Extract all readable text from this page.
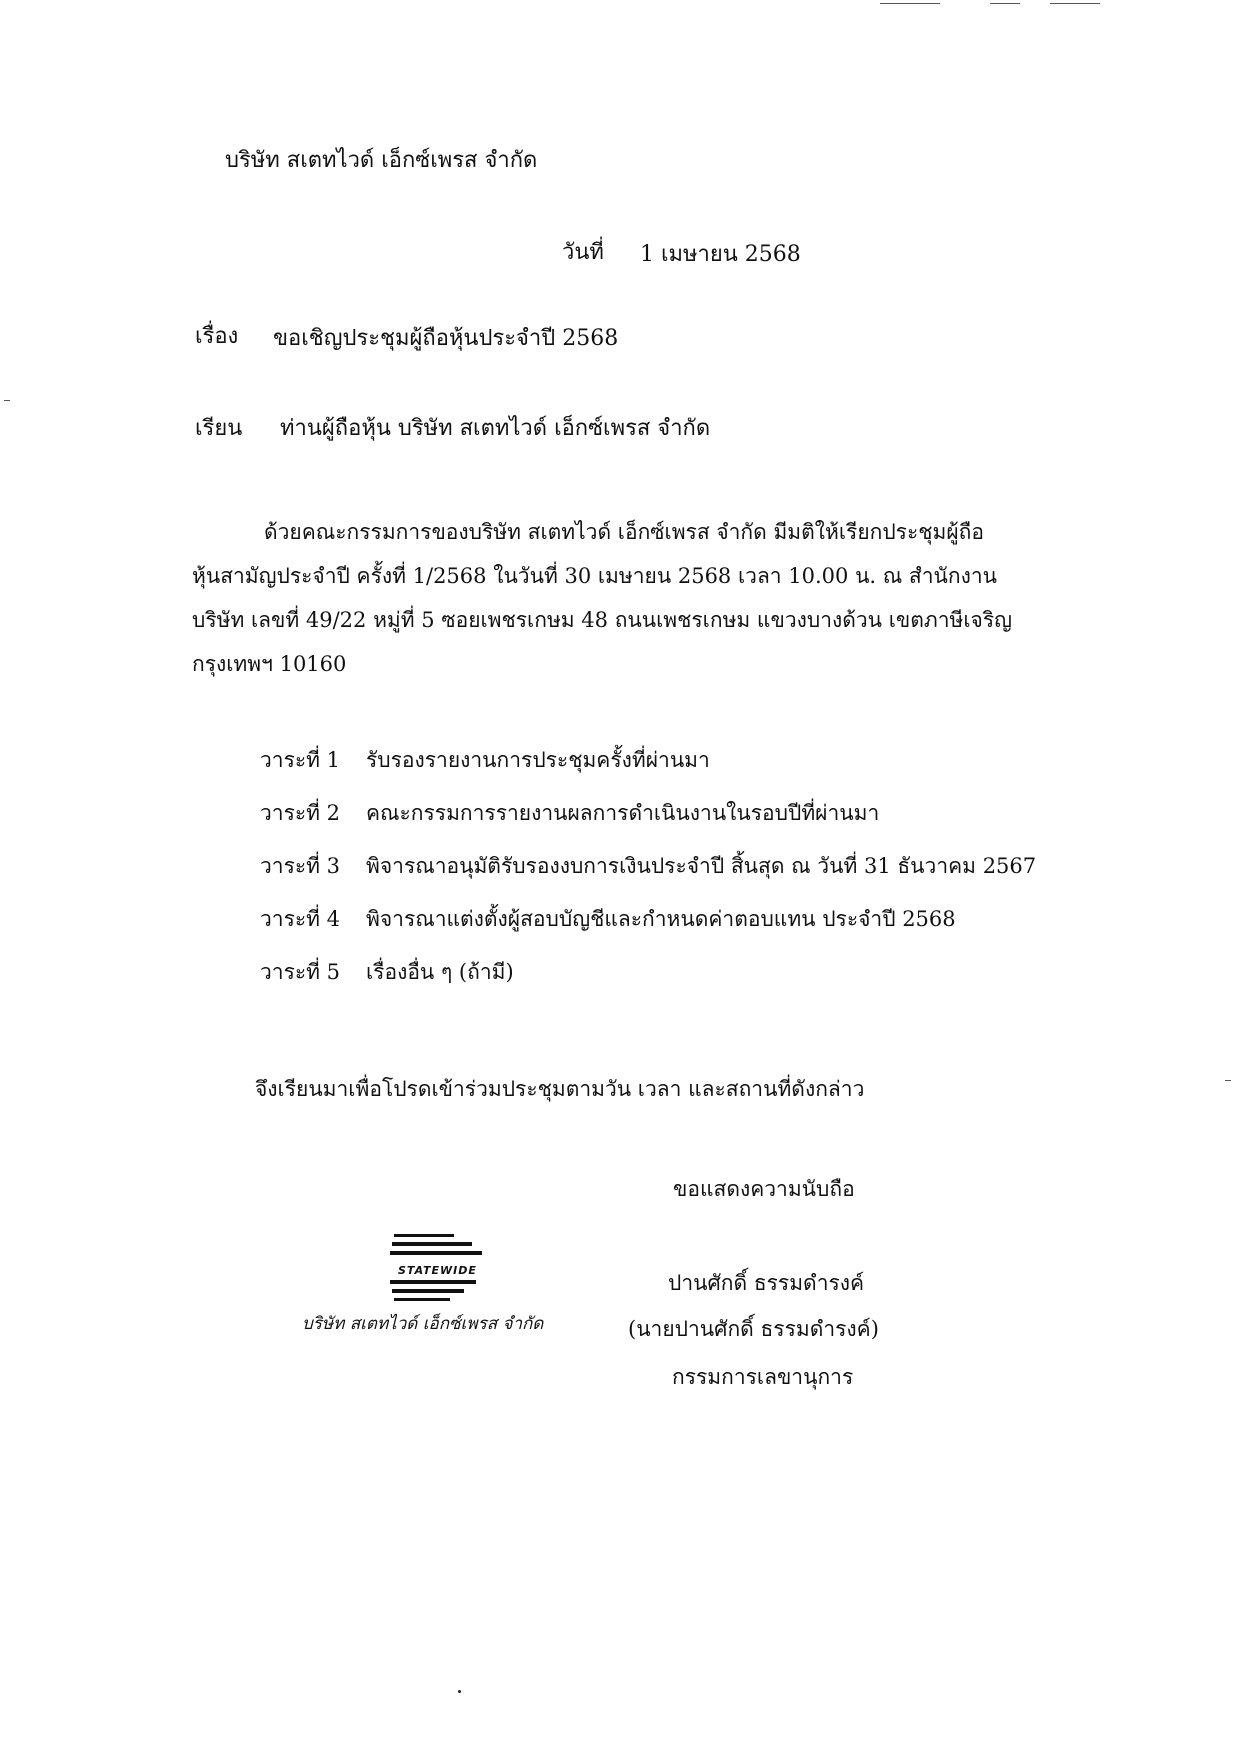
บริษัท สเตทไวด์ เอ็กซ์เพรส จำกัด
วันที่ 1 เมษายน 2568
เรื่อง ขอเชิญประชุมผู้ถือหุ้นประจำปี 2568
เรียน ท่านผู้ถือหุ้น บริษัท สเตทไวด์ เอ็กซ์เพรส จำกัด
ด้วยคณะกรรมการของบริษัท สเตทไวด์ เอ็กซ์เพรส จำกัด มีมติให้เรียกประชุมผู้ถือ
หุ้นสามัญประจำปี ครั้งที่ 1/2568 ในวันที่ 30 เมษายน 2568 เวลา 10.00 น. ณ สำนักงาน
บริษัท เลขที่ 49/22 หมู่ที่ 5 ซอยเพชรเกษม 48 ถนนเพชรเกษม แขวงบางด้วน เขตภาษีเจริญ
กรุงเทพฯ 10160
วาระที่ 1 รับรองรายงานการประชุมครั้งที่ผ่านมา
วาระที่ 2 คณะกรรมการรายงานผลการดำเนินงานในรอบปีที่ผ่านมา
วาระที่ 3 พิจารณาอนุมัติรับรองงบการเงินประจำปี สิ้นสุด ณ วันที่ 31 ธันวาคม 2567
วาระที่ 4 พิจารณาแต่งตั้งผู้สอบบัญชีและกำหนดค่าตอบแทน ประจำปี 2568
วาระที่ 5 เรื่องอื่น ๆ (ถ้ามี)
จึงเรียนมาเพื่อโปรดเข้าร่วมประชุมตามวัน เวลา และสถานที่ดังกล่าว
ขอแสดงความนับถือ
STATEWIDE
บริษัท สเตทไวด์ เอ็กซ์เพรส จำกัด
ปานศักดิ์ ธรรมดำรงค์
(นายปานศักดิ์ ธรรมดำรงค์)
กรรมการเลขานุการ
